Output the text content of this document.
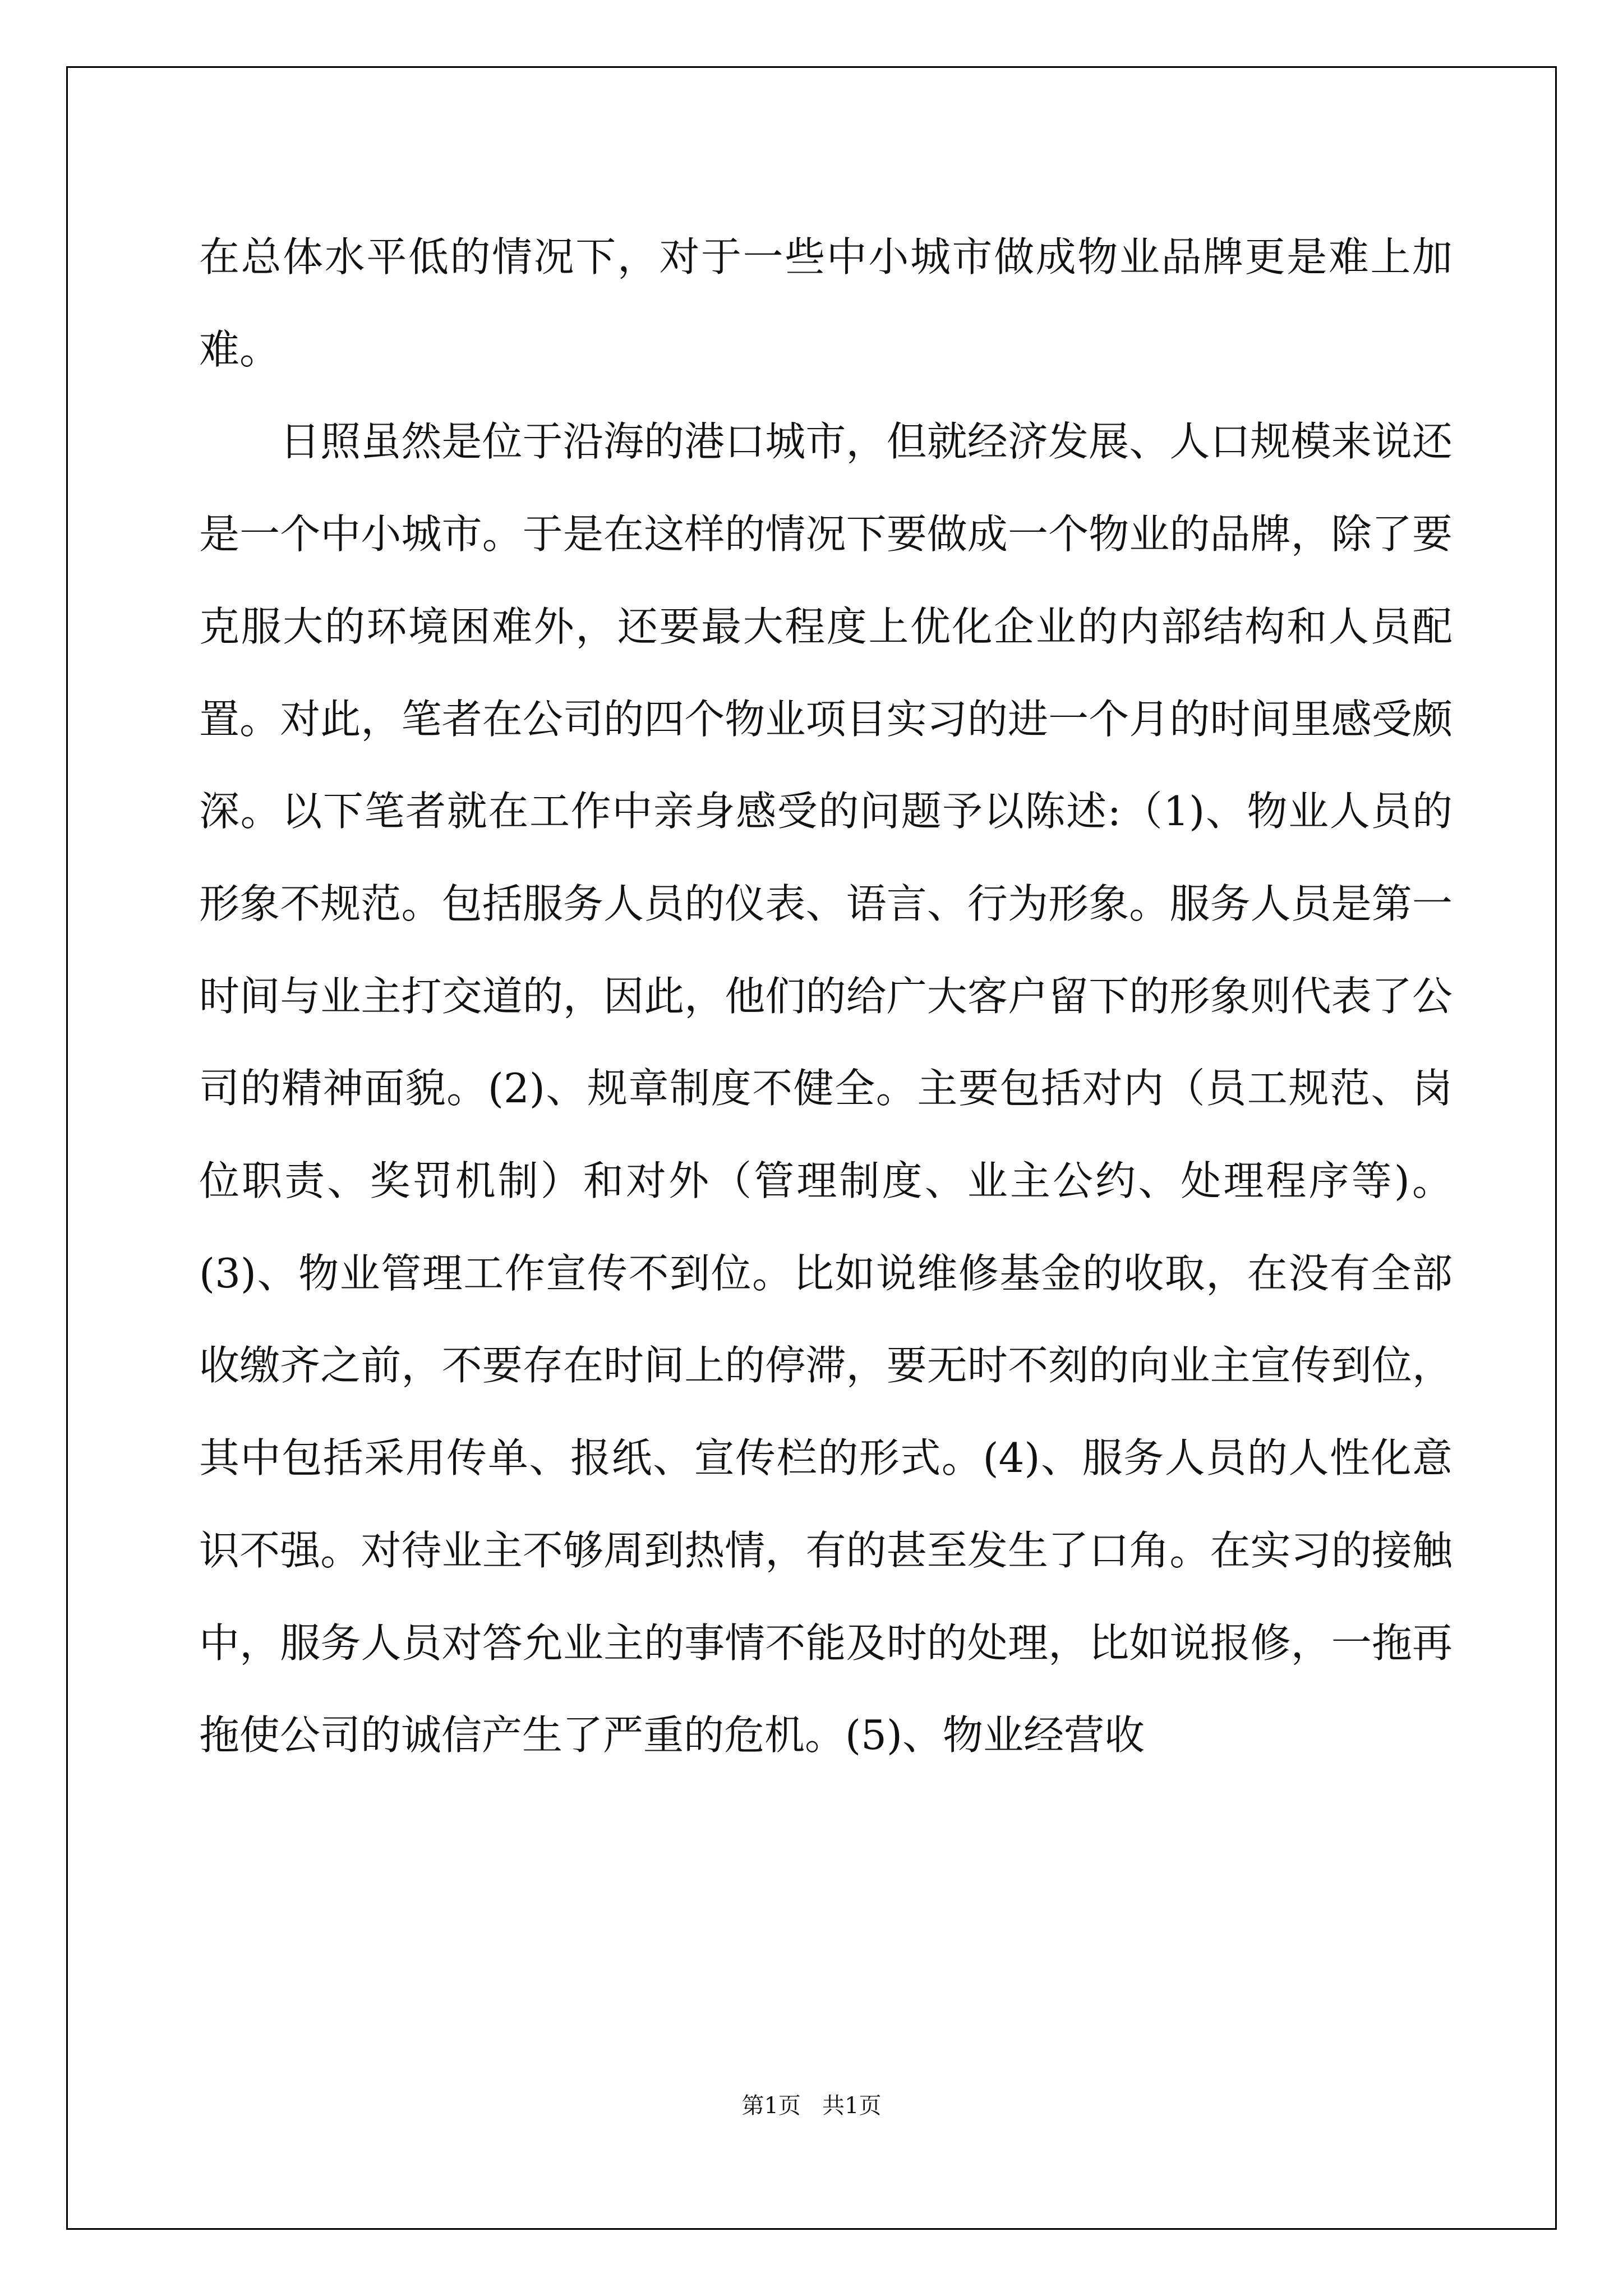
在总体水平低的情况下，对于一些中小城市做成物业品牌更是难上加难。

日照虽然是位于沿海的港口城市，但就经济发展、人口规模来说还是一个中小城市。于是在这样的情况下要做成一个物业的品牌，除了要克服大的环境困难外，还要最大程度上优化企业的内部结构和人员配置。对此，笔者在公司的四个物业项目实习的进一个月的时间里感受颇深。以下笔者就在工作中亲身感受的问题予以陈述:（1)、物业人员的形象不规范。包括服务人员的仪表、语言、行为形象。服务人员是第一时间与业主打交道的，因此，他们的给广大客户留下的形象则代表了公司的精神面貌。(2)、规章制度不健全。主要包括对内（员工规范、岗位职责、奖罚机制）和对外（管理制度、业主公约、处理程序等)。(3)、物业管理工作宣传不到位。比如说维修基金的收取，在没有全部收缴齐之前，不要存在时间上的停滞，要无时不刻的向业主宣传到位，其中包括采用传单、报纸、宣传栏的形式。(4)、服务人员的人性化意识不强。对待业主不够周到热情，有的甚至发生了口角。在实习的接触中，服务人员对答允业主的事情不能及时的处理，比如说报修，一拖再拖使公司的诚信产生了严重的危机。(5)、物业经营收

第1页   共1页
